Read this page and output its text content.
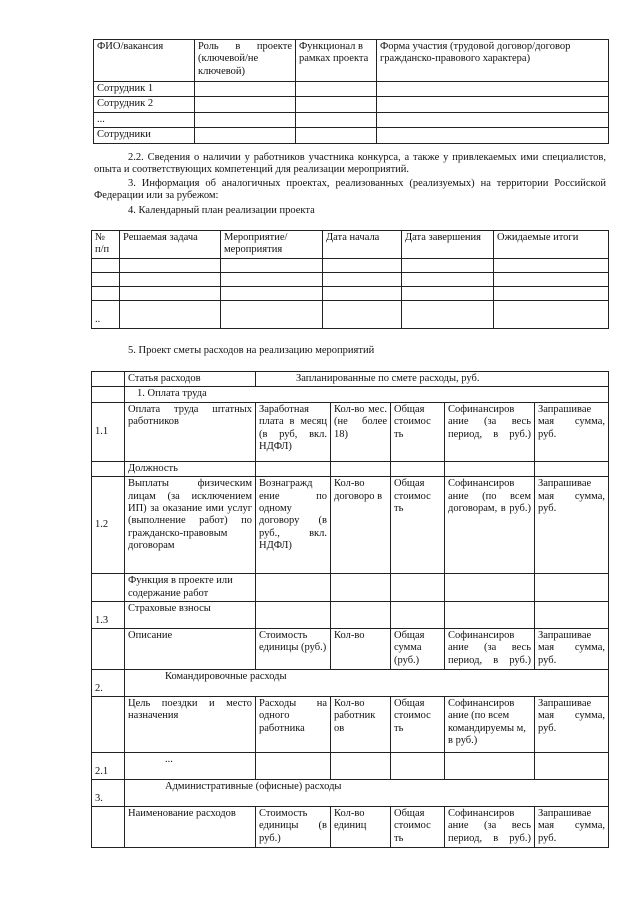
ФИО/вакансия	Роль в проекте (ключевой/не ключевой)	Функционал в рамках проекта	Форма участия (трудовой договор/договор гражданско-правового характера)
Сотрудник 1			
Сотрудник 2			
...			
Сотрудники			
2.2. Сведения о наличии у работников участника конкурса, а также у привлекаемых ими специалистов, опыта и соответствующих компетенций для реализации мероприятий.
3. Информация об аналогичных проектах, реализованных (реализуемых) на территории Российской Федерации или за рубежом:
4. Календарный план реализации проекта
№ п/п	Решаемая задача	Мероприятие/ мероприятия	Дата начала	Дата завершения	Ожидаемые итоги

..					
5. Проект сметы расходов на реализацию мероприятий
	Статья расходов	Запланированные по смете расходы, руб.				
	1. Оплата труда					
1.1	Оплата труда штатных работников	Заработная плата в месяц (в руб, вкл. НДФЛ)	Кол-во мес. (не более 18)	Общая стоимос ть	Софинансиров ание (за весь период, в руб.)	Запрашивае мая сумма, руб.
	Должность					
1.2	Выплаты физическим лицам (за исключением ИП) за оказание ими услуг (выполнение работ) по гражданско-правовым договорам	Вознагражд ение по одному договору (в руб., вкл. НДФЛ)	Кол-во договоро в	Общая стоимос ть	Софинансиров ание (по всем договорам, в руб.)	Запрашивае мая сумма, руб.
	Функция в проекте или содержание работ					
1.3	Страховые взносы					
	Описание	Стоимость единицы (руб.)	Кол-во	Общая сумма (руб.)	Софинансиров ание (за весь период, в руб.)	Запрашивае мая сумма, руб.
2.	Командировочные расходы					
	Цель поездки и место назначения	Расходы на одного работника	Кол-во работник ов	Общая стоимос ть	Софинансиров ание (по всем командируемы м, в руб.)	Запрашивае мая сумма, руб.
2.1	...					
3.	Административные (офисные) расходы					
	Наименование расходов	Стоимость единицы (в руб.)	Кол-во единиц	Общая стоимос ть	Софинансиров ание (за весь период, в руб.)	Запрашивае мая сумма, руб.
